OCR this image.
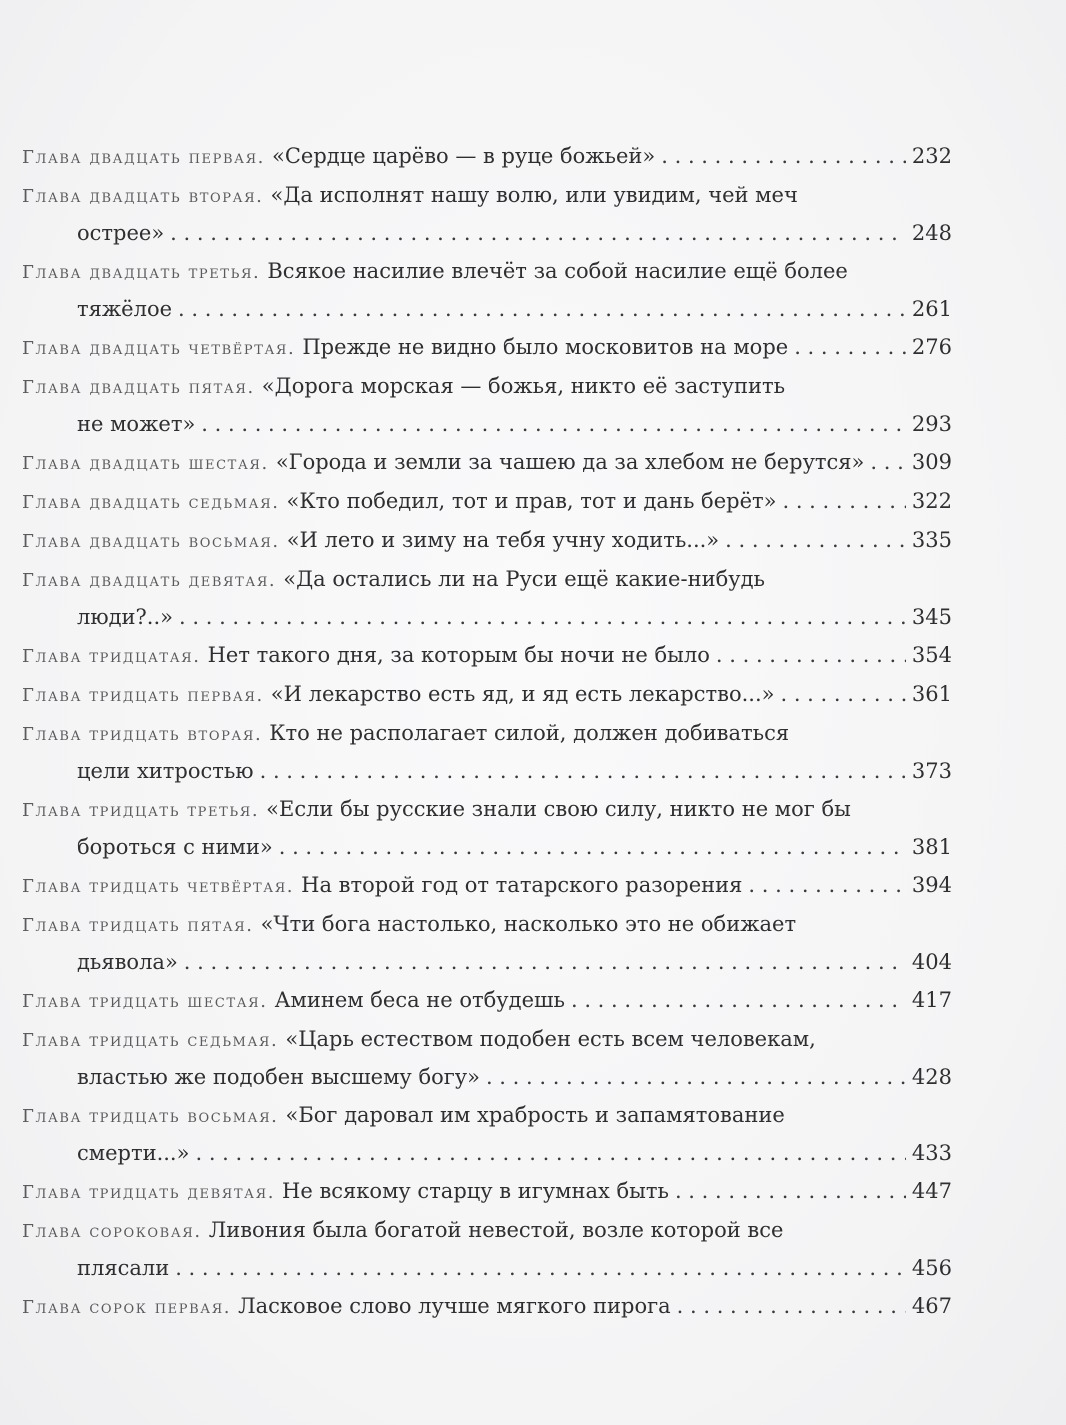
Глава двадцать первая. «Сердце царёво — в руце божьей» . . .	232
Глава двадцать вторая. «Да исполнят нашу волю, или увидим, чей меч
острее» . . .	248
Глава двадцать третья. Всякое насилие влечёт за собой насилие ещё более
тяжёлое . . .	261
Глава двадцать четвёртая. Прежде не видно было московитов на море . . .	276
Глава двадцать пятая. «Дорога морская — божья, никто её заступить
не может» . . .	293
Глава двадцать шестая. «Города и земли за чашею да за хлебом не берутся» . . . 309
Глава двадцать седьмая. «Кто победил, тот и прав, тот и дань берёт» . . .	322
Глава двадцать восьмая. «И лето и зиму на тебя учну ходить...» . . .	335
Глава двадцать девятая. «Да остались ли на Руси ещё какие-нибудь
люди?..» . . .	345
Глава тридцатая. Нет такого дня, за которым бы ночи не было . . .	354
Глава тридцать первая. «И лекарство есть яд, и яд есть лекарство...» . . .	361
Глава тридцать вторая. Кто не располагает силой, должен добиваться
цели хитростью . . .	373
Глава тридцать третья. «Если бы русские знали свою силу, никто не мог бы
бороться с ними» . . .	381
Глава тридцать четвёртая. На второй год от татарского разорения . . .	394
Глава тридцать пятая. «Чти бога настолько, насколько это не обижает
дьявола» . . .	404
Глава тридцать шестая. Аминем беса не отбудешь . . .	417
Глава тридцать седьмая. «Царь естеством подобен есть всем человекам,
властью же подобен высшему богу» . . .	428
Глава тридцать восьмая. «Бог даровал им храбрость и запамятование
смерти...» . . .	433
Глава тридцать девятая. Не всякому старцу в игумнах быть . . .	447
Глава сороковая. Ливония была богатой невестой, возле которой все
плясали . . .	456
Глава сорок первая. Ласковое слово лучше мягкого пирога . . .	467
